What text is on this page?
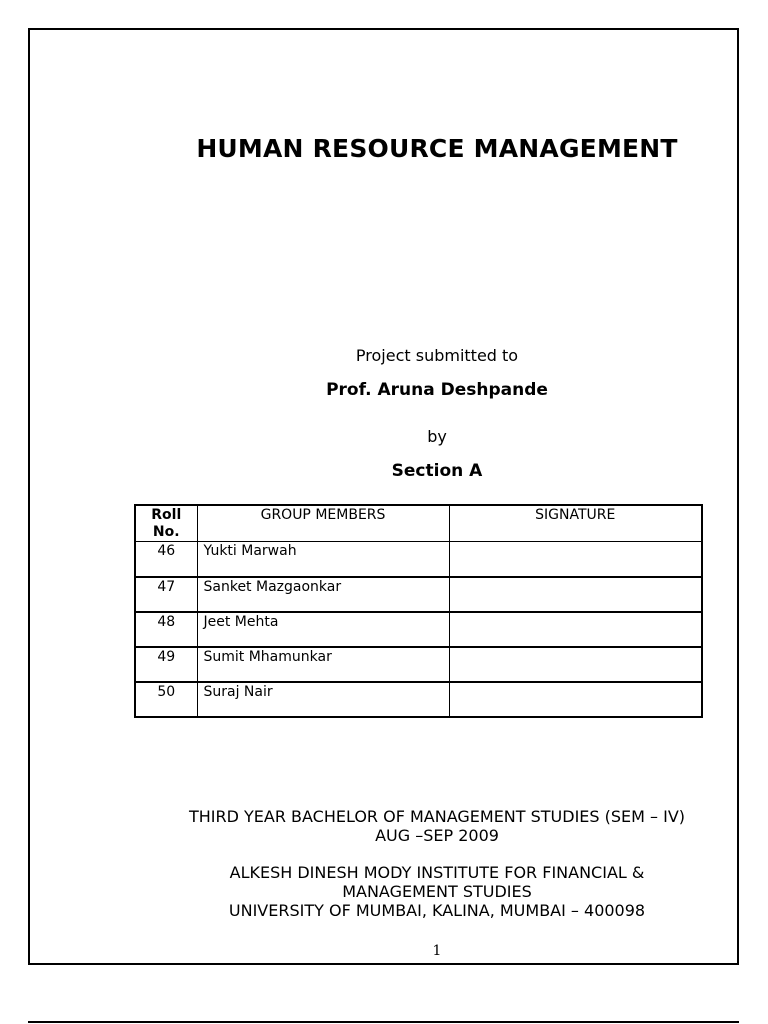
HUMAN RESOURCE MANAGEMENT
Project submitted to
Prof. Aruna Deshpande
by
Section A
Roll No.	GROUP MEMBERS	SIGNATURE
46	Yukti Marwah	
47	Sanket Mazgaonkar	
48	Jeet Mehta	
49	Sumit Mhamunkar	
50	Suraj Nair	
THIRD YEAR BACHELOR OF MANAGEMENT STUDIES (SEM – IV)
AUG –SEP 2009
ALKESH DINESH MODY INSTITUTE FOR FINANCIAL &
MANAGEMENT STUDIES
UNIVERSITY OF MUMBAI, KALINA, MUMBAI – 400098
1
